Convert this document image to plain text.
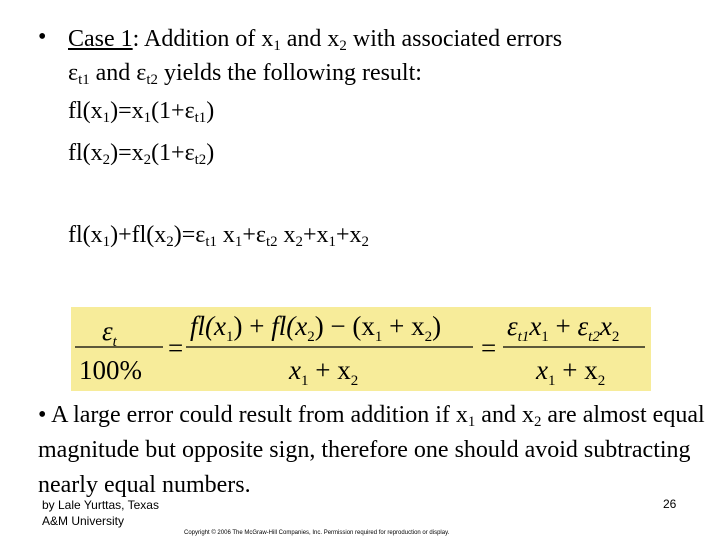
• Case 1: Addition of $x_1$ and $x_2$ with associated errors
$\varepsilon_{t1}$ and $\varepsilon_{t2}$ yields the following result:
$fl(x_1)=x_1(1+\varepsilon_{t1})$
$fl(x_2)=x_2(1+\varepsilon_{t2})$
$fl(x_1)+fl(x_2)=\varepsilon_{t1}$ $x_1+\varepsilon_{t2}$ $x_2+x_1+x_2$
$\varepsilon_t$
100%
=
$fl(x_1) + fl(x_2) - (x_1 + x_2)$
$x_1 + x_2$
=
$\varepsilon_{t1}x_1 + \varepsilon_{t2}x_2$
$x_1 + x_2$
• A large error could result from addition if $x_1$ and $x_2$ are almost equal magnitude but opposite sign, therefore one should avoid subtracting nearly equal numbers.
by Lale Yurttas, Texas
A&M University
Copyright © 2006 The McGraw-Hill Companies, Inc. Permission required for reproduction or display.
26
